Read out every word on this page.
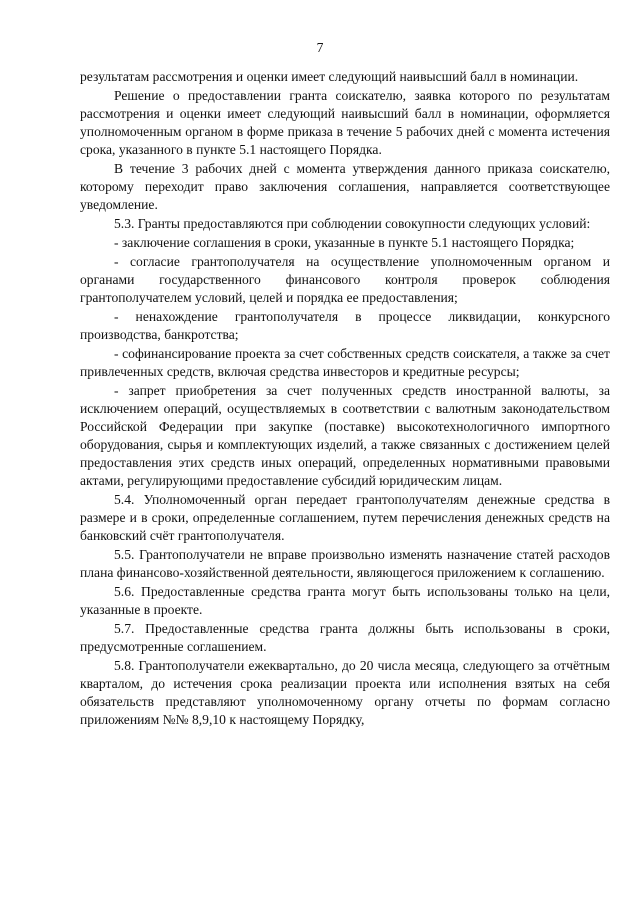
7

результатам рассмотрения и оценки имеет следующий наивысший балл в номинации.

Решение о предоставлении гранта соискателю, заявка которого по результатам рассмотрения и оценки имеет следующий наивысший балл в номинации, оформляется уполномоченным органом в форме приказа в течение 5 рабочих дней с момента истечения срока, указанного в пункте 5.1 настоящего Порядка.

В течение 3 рабочих дней с момента утверждения данного приказа соискателю, которому переходит право заключения соглашения, направляется соответствующее уведомление.

5.3. Гранты предоставляются при соблюдении совокупности следующих условий:

- заключение соглашения в сроки, указанные в пункте 5.1 настоящего Порядка;

- согласие грантополучателя на осуществление уполномоченным органом и органами государственного финансового контроля проверок соблюдения грантополучателем условий, целей и порядка ее предоставления;

- ненахождение грантополучателя в процессе ликвидации, конкурсного производства, банкротства;

- софинансирование проекта за счет собственных средств соискателя, а также за счет привлеченных средств, включая средства инвесторов и кредитные ресурсы;

- запрет приобретения за счет полученных средств иностранной валюты, за исключением операций, осуществляемых в соответствии с валютным законодательством Российской Федерации при закупке (поставке) высокотехнологичного импортного оборудования, сырья и комплектующих изделий, а также связанных с достижением целей предоставления этих средств иных операций, определенных нормативными правовыми актами, регулирующими предоставление субсидий юридическим лицам.

5.4. Уполномоченный орган передает грантополучателям денежные средства в размере и в сроки, определенные соглашением, путем перечисления денежных средств на банковский счёт грантополучателя.

5.5. Грантополучатели не вправе произвольно изменять назначение статей расходов плана финансово-хозяйственной деятельности, являющегося приложением к соглашению.

5.6. Предоставленные средства гранта могут быть использованы только на цели, указанные в проекте.

5.7. Предоставленные средства гранта должны быть использованы в сроки, предусмотренные соглашением.

5.8. Грантополучатели ежеквартально, до 20 числа месяца, следующего за отчётным кварталом, до истечения срока реализации проекта или исполнения взятых на себя обязательств представляют уполномоченному органу отчеты по формам согласно приложениям №№ 8,9,10 к настоящему Порядку,
